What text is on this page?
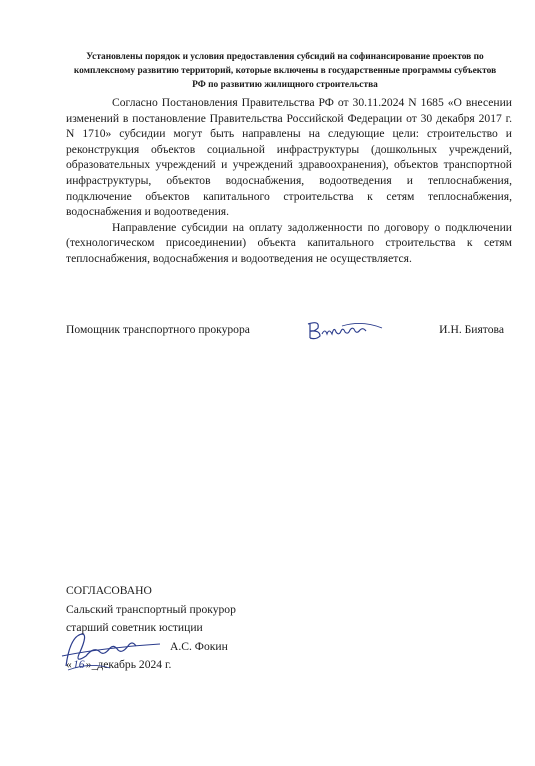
Установлены порядок и условия предоставления субсидий на софинансирование проектов по комплексному развитию территорий, которые включены в государственные программы субъектов РФ по развитию жилищного строительства

Согласно Постановления Правительства РФ от 30.11.2024 N 1685 «О внесении изменений в постановление Правительства Российской Федерации от 30 декабря 2017 г. N 1710» субсидии могут быть направлены на следующие цели: строительство и реконструкция объектов социальной инфраструктуры (дошкольных учреждений, образовательных учреждений и учреждений здравоохранения), объектов транспортной инфраструктуры, объектов водоснабжения, водоотведения и теплоснабжения, подключение объектов капитального строительства к сетям теплоснабжения, водоснабжения и водоотведения.

Направление субсидии на оплату задолженности по договору о подключении (технологическом присоединении) объекта капитального строительства к сетям теплоснабжения, водоснабжения и водоотведения не осуществляется.

Помощник транспортного прокурора	И.Н. Биятова
СОГЛАСОВАНО
Сальский транспортный прокурор
старший советник юстиции
А.С. Фокин
«16»_декабрь 2024 г.
